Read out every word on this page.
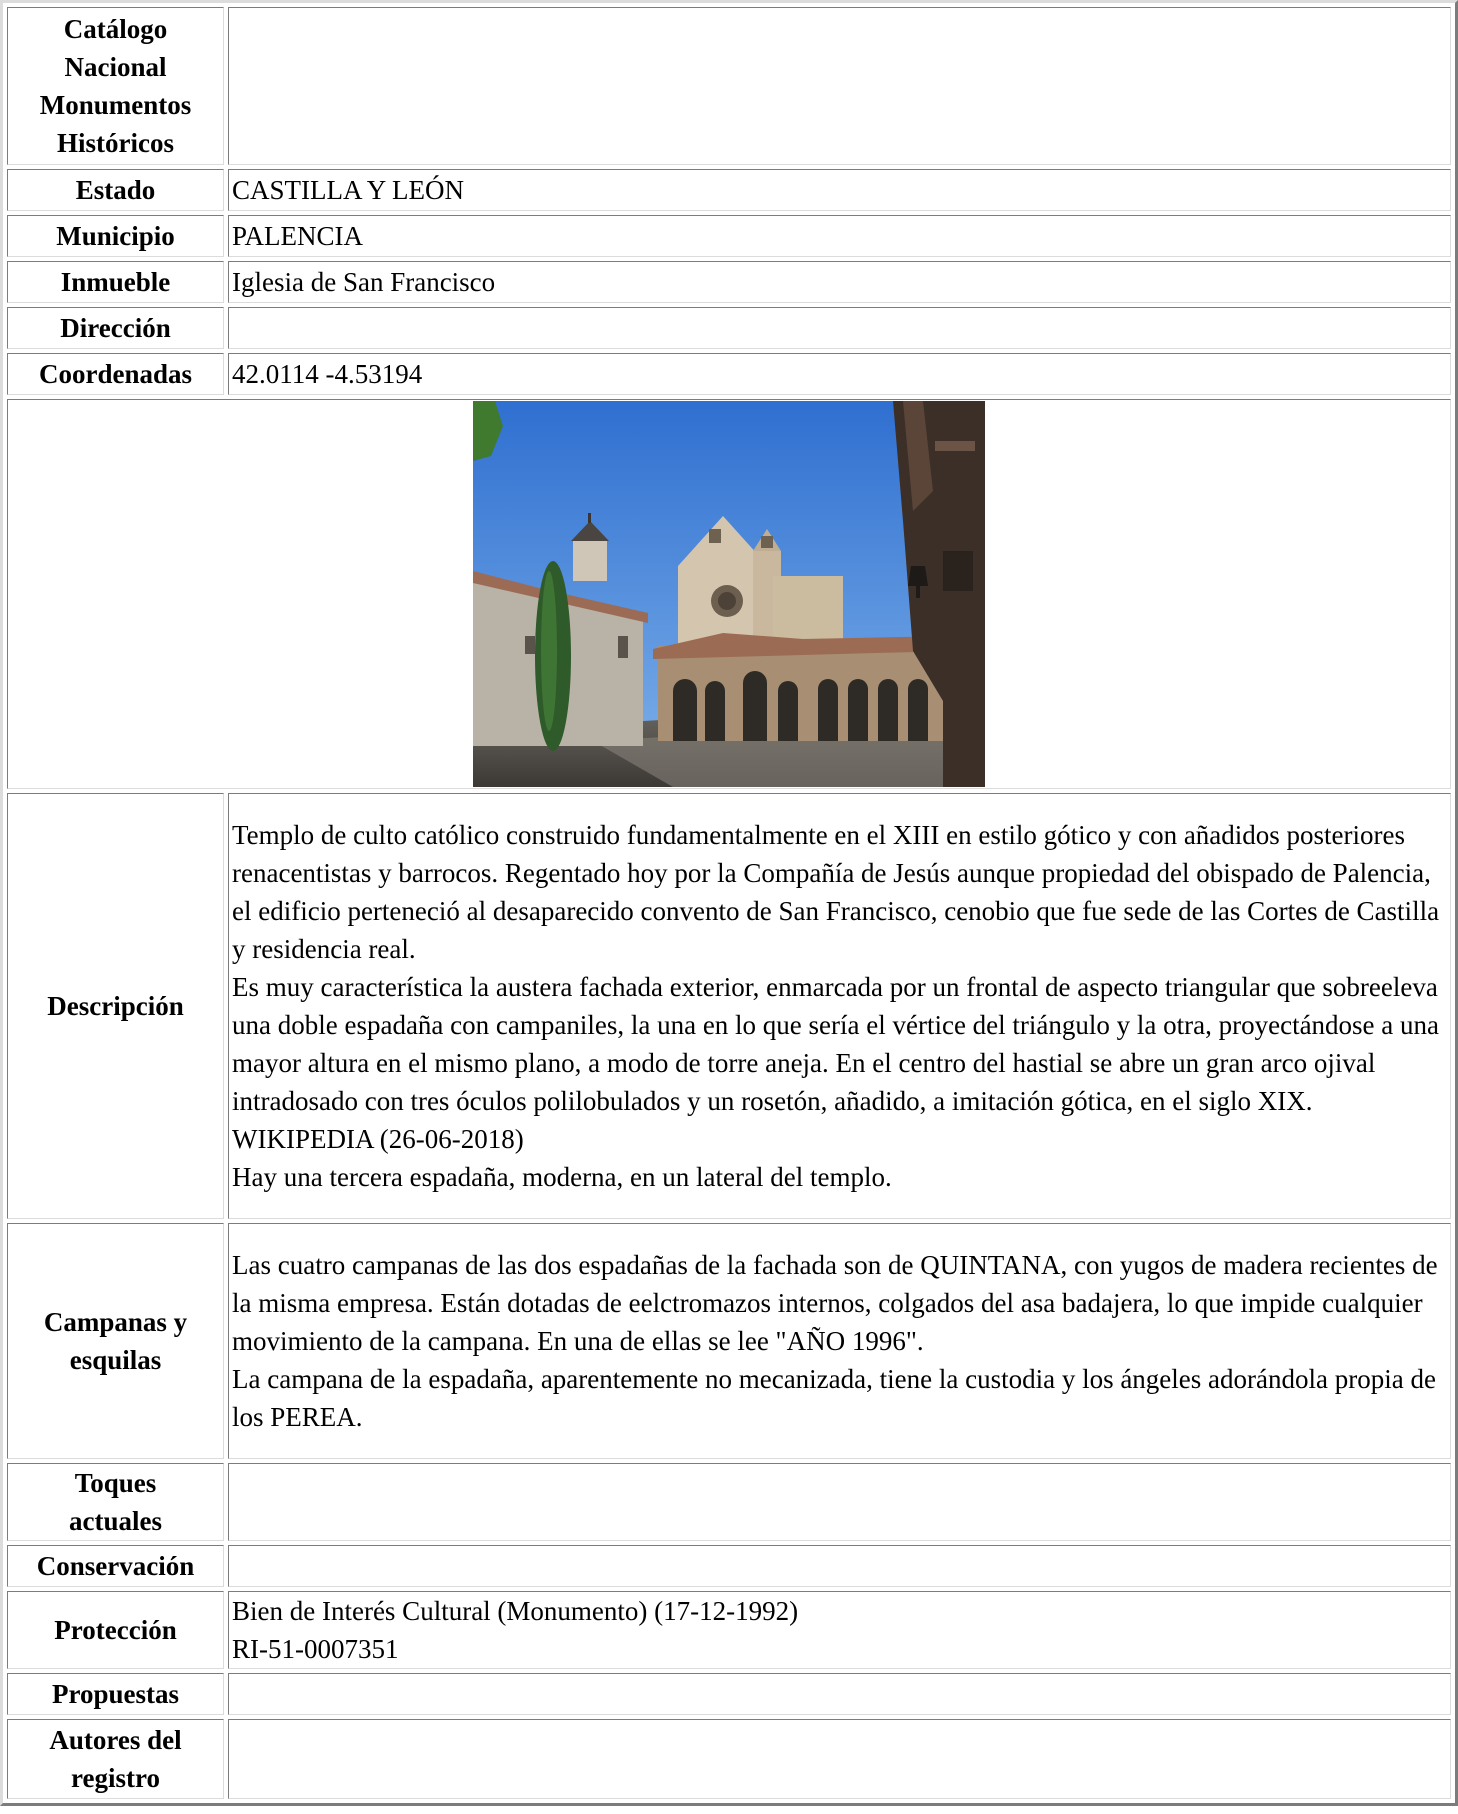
Catálogo
Nacional
Monumentos
Históricos	
Estado	CASTILLA Y LEÓN
Municipio	PALENCIA
Inmueble	Iglesia de San Francisco
Dirección	
Coordenadas	42.0114 -4.53194

Descripción	Templo de culto católico construido fundamentalmente en el XIII en estilo gótico y con añadidos posteriores renacentistas y barrocos. Regentado hoy por la Compañía de Jesús aunque propiedad del obispado de Palencia, el edificio perteneció al desaparecido convento de San Francisco, cenobio que fue sede de las Cortes de Castilla y residencia real.
Es muy característica la austera fachada exterior, enmarcada por un frontal de aspecto triangular que sobreeleva una doble espadaña con campaniles, la una en lo que sería el vértice del triángulo y la otra, proyectándose a una mayor altura en el mismo plano, a modo de torre aneja. En el centro del hastial se abre un gran arco ojival intradosado con tres óculos polilobulados y un rosetón, añadido, a imitación gótica, en el siglo XIX. WIKIPEDIA (26-06-2018)
Hay una tercera espadaña, moderna, en un lateral del templo.
Campanas y
esquilas	Las cuatro campanas de las dos espadañas de la fachada son de QUINTANA, con yugos de madera recientes de la misma empresa. Están dotadas de eelctromazos internos, colgados del asa badajera, lo que impide cualquier movimiento de la campana. En una de ellas se lee "AÑO 1996".
La campana de la espadaña, aparentemente no mecanizada, tiene la custodia y los ángeles adorándola propia de los PEREA.
Toques
actuales	
Conservación	
Protección	Bien de Interés Cultural (Monumento) (17-12-1992)
RI-51-0007351
Propuestas	
Autores del
registro	
